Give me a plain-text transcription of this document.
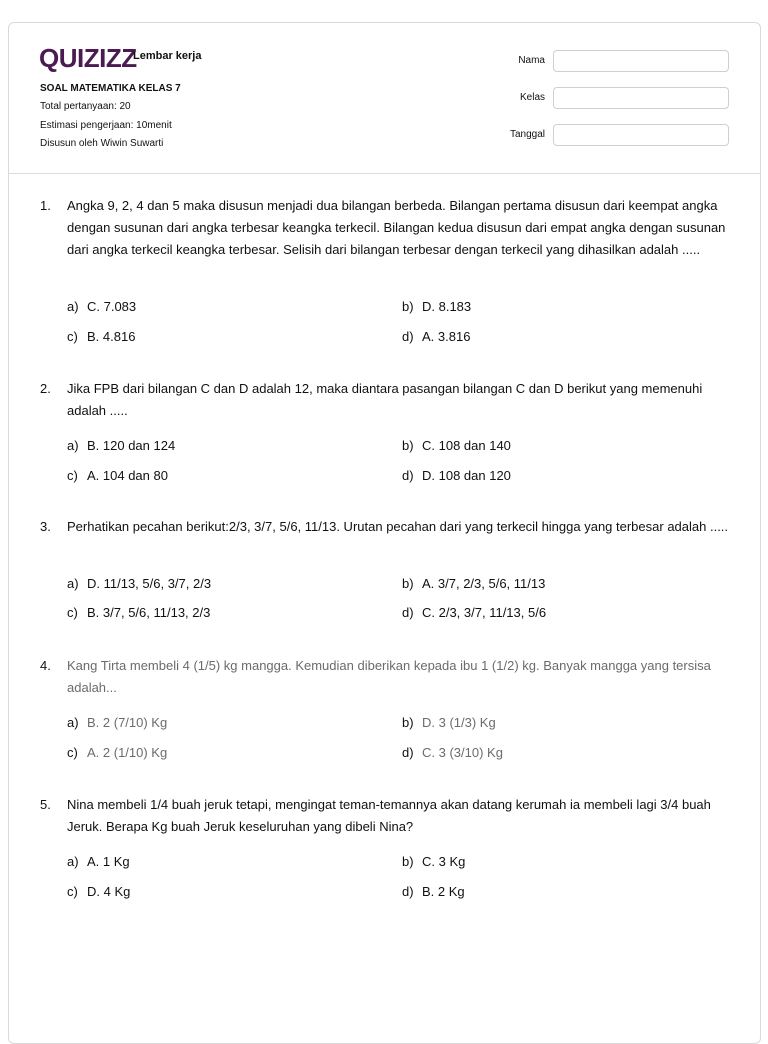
QUIZIZZ
Lembar kerja
SOAL MATEMATIKA KELAS 7
Total pertanyaan: 20
Estimasi pengerjaan: 10menit
Disusun oleh Wiwin Suwarti
Nama
Kelas
Tanggal
1. Angka 9, 2, 4 dan 5 maka disusun menjadi dua bilangan berbeda. Bilangan pertama disusun dari keempat angka dengan susunan dari angka terbesar keangka terkecil. Bilangan kedua disusun dari empat angka dengan susunan dari angka terkecil keangka terbesar. Selisih dari bilangan terbesar dengan terkecil yang dihasilkan adalah .....
a) C. 7.083	b) D. 8.183
c) B. 4.816	d) A. 3.816
2. Jika FPB dari bilangan C dan D adalah 12, maka diantara pasangan bilangan C dan D berikut yang memenuhi adalah .....
a) B. 120 dan 124	b) C. 108 dan 140
c) A. 104 dan 80	d) D. 108 dan 120
3. Perhatikan pecahan berikut:2/3, 3/7, 5/6, 11/13. Urutan pecahan dari yang terkecil hingga yang terbesar adalah .....
a) D. 11/13, 5/6, 3/7, 2/3	b) A. 3/7, 2/3, 5/6, 11/13
c) B. 3/7, 5/6, 11/13, 2/3	d) C. 2/3, 3/7, 11/13, 5/6
4. Kang Tirta membeli 4 (1/5) kg mangga. Kemudian diberikan kepada ibu 1 (1/2) kg. Banyak mangga yang tersisa adalah...
a) B. 2 (7/10) Kg	b) D. 3 (1/3) Kg
c) A. 2 (1/10) Kg	d) C. 3 (3/10) Kg
5. Nina membeli 1/4 buah jeruk tetapi, mengingat teman-temannya akan datang kerumah ia membeli lagi 3/4 buah Jeruk. Berapa Kg buah Jeruk keseluruhan yang dibeli Nina?
a) A. 1 Kg	b) C. 3 Kg
c) D. 4 Kg	d) B. 2 Kg
